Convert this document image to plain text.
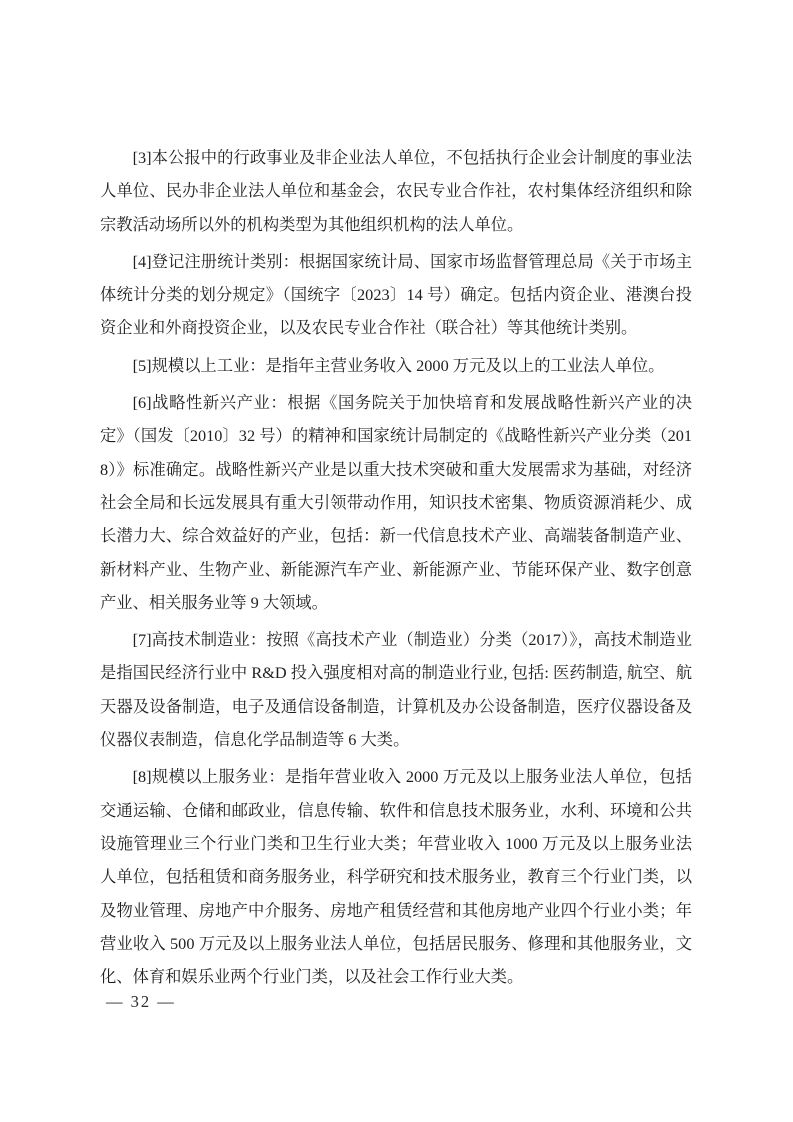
[3]本公报中的行政事业及非企业法人单位，不包括执行企业会计制度的事业法人单位、民办非企业法人单位和基金会，农民专业合作社，农村集体经济组织和除宗教活动场所以外的机构类型为其他组织机构的法人单位。

[4]登记注册统计类别：根据国家统计局、国家市场监督管理总局《关于市场主体统计分类的划分规定》（国统字〔2023〕14 号）确定。包括内资企业、港澳台投资企业和外商投资企业，以及农民专业合作社（联合社）等其他统计类别。

[5]规模以上工业：是指年主营业务收入 2000 万元及以上的工业法人单位。

[6]战略性新兴产业：根据《国务院关于加快培育和发展战略性新兴产业的决定》（国发〔2010〕32 号）的精神和国家统计局制定的《战略性新兴产业分类（2018）》标准确定。战略性新兴产业是以重大技术突破和重大发展需求为基础，对经济社会全局和长远发展具有重大引领带动作用，知识技术密集、物质资源消耗少、成长潜力大、综合效益好的产业，包括：新一代信息技术产业、高端装备制造产业、新材料产业、生物产业、新能源汽车产业、新能源产业、节能环保产业、数字创意产业、相关服务业等 9 大领域。

[7]高技术制造业：按照《高技术产业（制造业）分类（2017）》，高技术制造业是指国民经济行业中 R&D 投入强度相对高的制造业行业, 包括: 医药制造, 航空、航天器及设备制造，电子及通信设备制造，计算机及办公设备制造，医疗仪器设备及仪器仪表制造，信息化学品制造等 6 大类。

[8]规模以上服务业：是指年营业收入 2000 万元及以上服务业法人单位，包括交通运输、仓储和邮政业，信息传输、软件和信息技术服务业，水利、环境和公共设施管理业三个行业门类和卫生行业大类；年营业收入 1000 万元及以上服务业法人单位，包括租赁和商务服务业，科学研究和技术服务业，教育三个行业门类，以及物业管理、房地产中介服务、房地产租赁经营和其他房地产业四个行业小类；年营业收入 500 万元及以上服务业法人单位，包括居民服务、修理和其他服务业，文化、体育和娱乐业两个行业门类，以及社会工作行业大类。

— 32 —
